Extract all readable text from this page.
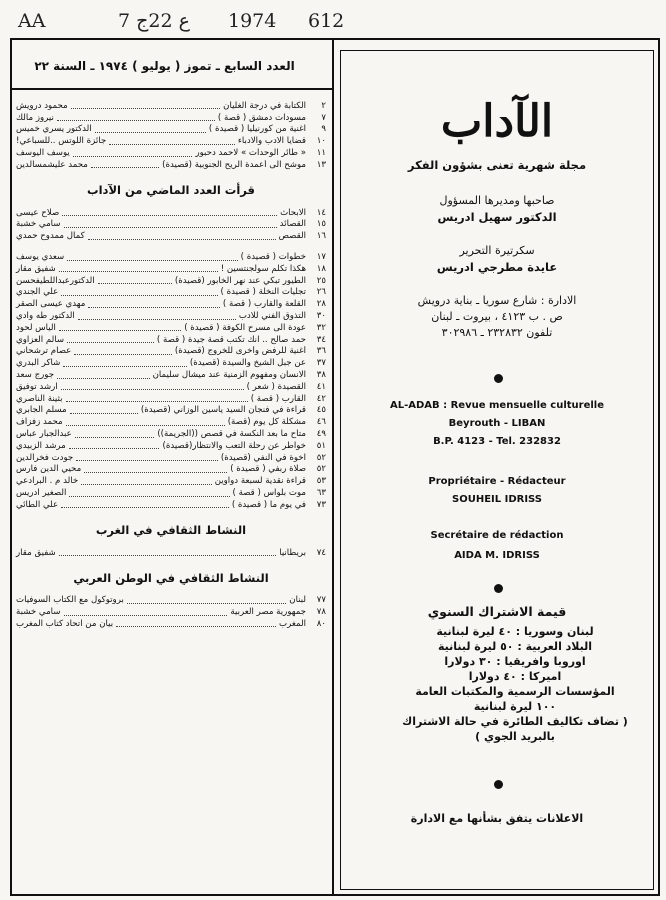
AA	7 ع 22ج 1974 612
العدد السابع ـ تموز ( يوليو ) ١٩٧٤ ـ السنة ٢٢
٢
الكتابة في درجة الغليان
محمود درويش
٧
مسودات دمشق ( قصة )
نيروز مالك
٩
اغنية من كورنيليا ( قصيدة )
الدكتور يسري خميس
١٠
قضايا الادب والادباء
جائزة اللوتس ..للسباعي!
١١
« طائر الوحدات » لاحمد دحبور
يوسف اليوسف
١٣
موشح الى أعمدة الريح الجنوبية (قصيدة)
محمد عليشمسالدين
قرأت العدد الماضي من الآداب
١٤
الابحاث
صلاح عيسى
١٥
القصائد
سامي خشبة
١٦
القصص
كمال ممدوح حمدي
١٧
خطوات ( قصيدة )
سعدي يوسف
١٨
هكذا تكلم سولجنتسين !
شفيق مقار
٢٥
الطيور تبكي عند نهر الخابور (قصيدة)
الدكتورعبداللطيفحسن
٢٦
تجليات النخلة ( قصيدة )
علي الجندي
٢٨
القلعة والقارب ( قصة )
مهدي عيسى الصقر
٣٠
التذوق الفني للادب
الدكتور طه وادي
٣٢
عودة الى مسرح الكوفة ( قصيدة )
الياس لحود
٣٤
حمد صالح .. انك تكتب قصة جيدة ( قصة )
سالم العزاوي
٣٦
أغنية للرفض وأخرى للخروج (قصيدة)
عصام ترشحاني
٣٧
عن جبل الشيخ والسيدة (قصيدة)
شاكر البدري
٣٨
الانسان ومفهوم الزمنية عند ميشال سليمان
جورج سعد
٤١
القصيدة ( شعر )
ارشد توفيق
٤٢
القارب ( قصة )
بثينة الناصري
٤٥
قراءة في فنجان السيد ياسين الوزاني (قصيدة)
مسلم الجابري
٤٦
مشكلة كل يوم (قصة)
محمد زفزاف
٤٩
متاح ما بعد النكسة في قصص ((الجريمة))
عبدالجبار عباس
٥١
خواطر عن رحلة التعب والانتظار(قصيدة)
مرشد الزبيدي
٥٢
آخوة في النفي (قصيدة)
جودت فخرالدين
٥٢
صلاة ربفي ( قصيدة )
محيي الدين فارس
٥٣
قراءة نقدية لسبعة دواوين
خالد م . البرادعي
٦٣
موت بلواس ( قصة )
الصغير ادريس
٧٣
في يوم ما ( قصيدة )
علي الطائي
النشاط الثقافي في الغرب
٧٤
بريطانيا
شفيق مقار
النشاط الثقافي في الوطن العربي
٧٧
لبنان
بروتوكول مع الكتاب السوفيات
٧٨
جمهورية مصر العربية
سامي خشبة
٨٠
المغرب
بيان من اتحاد كتاب المغرب
الآداب
مجلة شهرية تعنى بشؤون الفكر
صاحبها ومديرها المسؤول
الدكتور سهيل ادريس
سكرتيرة التحرير
عايدة مطرجي ادريس
الادارة : شارع سوريا ـ بناية درويش
ص . ب ٤١٢٣ ، بيروت ـ لبنان
تلفون ٢٣٢٨٣٢ ـ ٣٠٢٩٨٦
AL-ADAB : Revue mensuelle culturelle
Beyrouth - LIBAN
B.P. 4123 - Tel. 232832
Propriétaire - Rédacteur
SOUHEIL IDRISS
Secrétaire de rédaction
AIDA M. IDRISS
قيمة الاشتراك السنوي
لبنان وسوريا : ٤٠ ليرة لبنانية
البلاد العربية : ٥٠ ليرة لبنانية
اوروبا وافريقيا : ٣٠ دولارا
اميركا : ٤٠ دولارا
المؤسسات الرسمية والمكتبات العامة
١٠٠ ليرة لبنانية
( تضاف تكاليف الطائرة في حالة الاشتراك
بالبريد الجوي )
الاعلانات يتفق بشأنها مع الادارة
